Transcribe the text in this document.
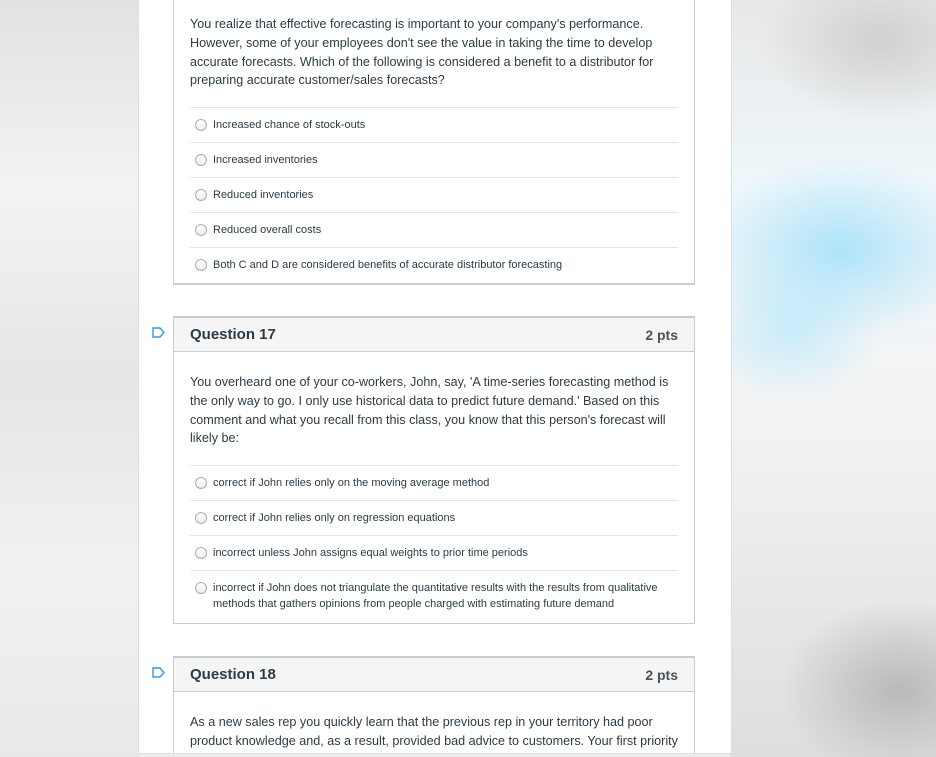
You realize that effective forecasting is important to your company's performance. However, some of your employees don't see the value in taking the time to develop accurate forecasts. Which of the following is considered a benefit to a distributor for preparing accurate customer/sales forecasts?

Increased chance of stock-outs
Increased inventories
Reduced inventories
Reduced overall costs
Both C and D are considered benefits of accurate distributor forecasting
Question 17	2 pts

You overheard one of your co-workers, John, say, 'A time-series forecasting method is the only way to go. I only use historical data to predict future demand.' Based on this comment and what you recall from this class, you know that this person's forecast will likely be:

correct if John relies only on the moving average method
correct if John relies only on regression equations
incorrect unless John assigns equal weights to prior time periods
incorrect if John does not triangulate the quantitative results with the results from qualitative methods that gathers opinions from people charged with estimating future demand
Question 18	2 pts

As a new sales rep you quickly learn that the previous rep in your territory had poor product knowledge and, as a result, provided bad advice to customers. Your first priority
